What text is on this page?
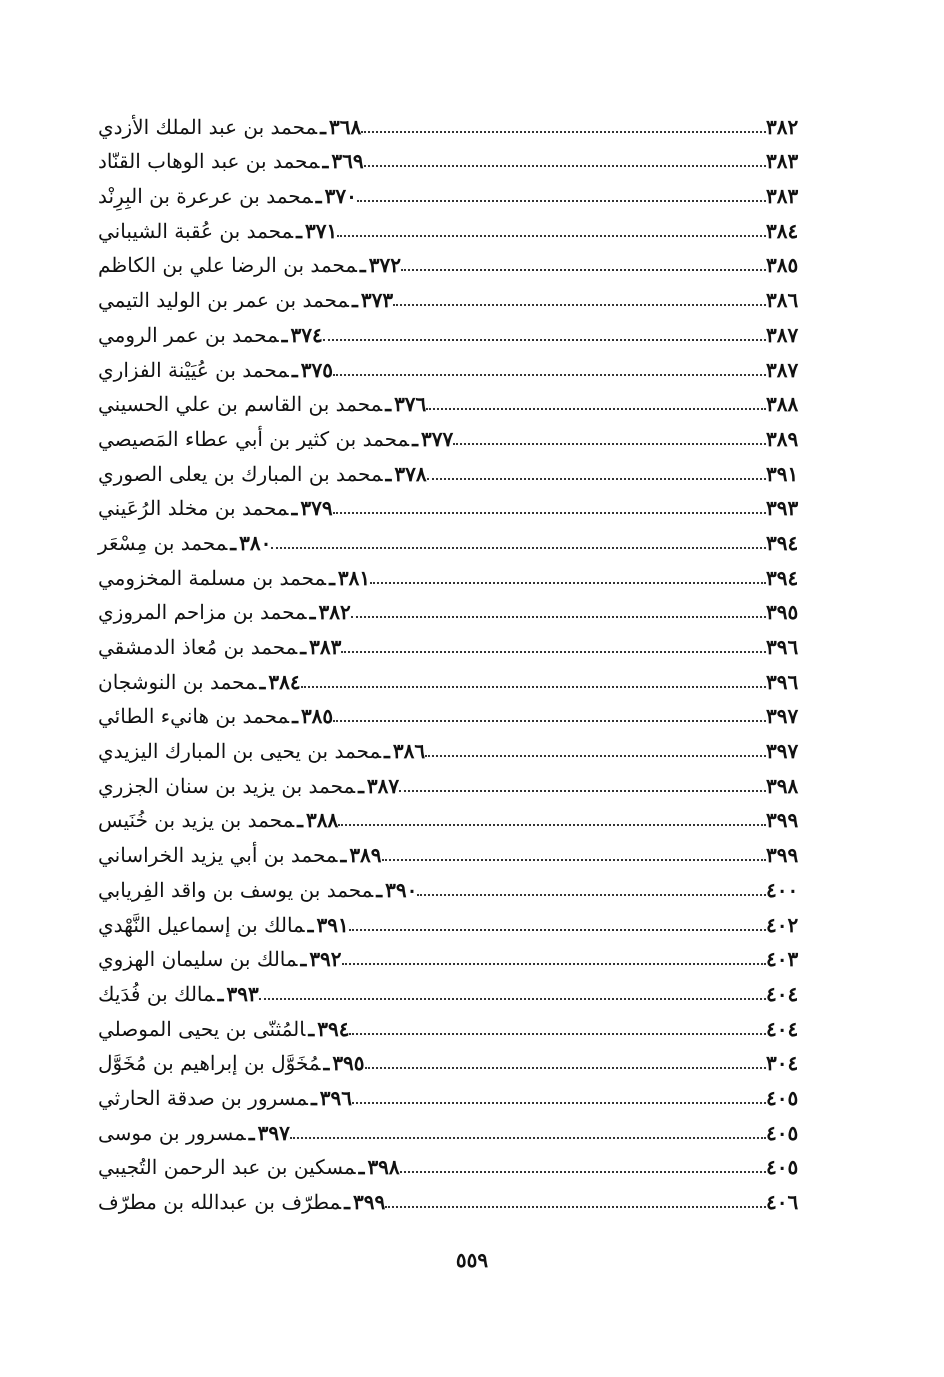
٣٦٨ـمحمد بن عبد الملك الأزدي	٣٨٢
٣٦٩ـمحمد بن عبد الوهاب القنّاد	٣٨٣
٣٧٠ـمحمد بن عرعرة بن البِرِنْد	٣٨٣
٣٧١ـمحمد بن عُقبة الشيباني	٣٨٤
٣٧٢ـمحمد بن الرضا علي بن الكاظم	٣٨٥
٣٧٣ـمحمد بن عمر بن الوليد التيمي	٣٨٦
٣٧٤ـمحمد بن عمر الرومي	٣٨٧
٣٧٥ـمحمد بن عُيَيْنة الفزاري	٣٨٧
٣٧٦ـمحمد بن القاسم بن علي الحسيني	٣٨٨
٣٧٧ـمحمد بن كثير بن أبي عطاء المَصيصي	٣٨٩
٣٧٨ـمحمد بن المبارك بن يعلى الصوري	٣٩١
٣٧٩ـمحمد بن مخلد الرُعَيني	٣٩٣
٣٨٠ـمحمد بن مِسْعَر	٣٩٤
٣٨١ـمحمد بن مسلمة المخزومي	٣٩٤
٣٨٢ـمحمد بن مزاحم المروزي	٣٩٥
٣٨٣ـمحمد بن مُعاذ الدمشقي	٣٩٦
٣٨٤ـمحمد بن النوشجان	٣٩٦
٣٨٥ـمحمد بن هانيء الطائي	٣٩٧
٣٨٦ـمحمد بن يحيى بن المبارك اليزيدي	٣٩٧
٣٨٧ـمحمد بن يزيد بن سنان الجزري	٣٩٨
٣٨٨ـمحمد بن يزيد بن خُنَيس	٣٩٩
٣٨٩ـمحمد بن أبي يزيد الخراساني	٣٩٩
٣٩٠ـمحمد بن يوسف بن واقد الفِريابي	٤٠٠
٣٩١ـمالك بن إسماعيل النَّهْدي	٤٠٢
٣٩٢ـمالك بن سليمان الهزوي	٤٠٣
٣٩٣ـمالك بن فُدَيك	٤٠٤
٣٩٤ـالمُثنّى بن يحيى الموصلي	٤٠٤
٣٩٥ـمُخَوَّل بن إبراهيم بن مُخَوَّل	٣٠٤
٣٩٦ـمسرور بن صدقة الحارثي	٤٠٥
٣٩٧ـمسرور بن موسى	٤٠٥
٣٩٨ـمسكين بن عبد الرحمن التُجيبي	٤٠٥
٣٩٩ـمطرّف بن عبدالله بن مطرّف	٤٠٦
٥٥٩
